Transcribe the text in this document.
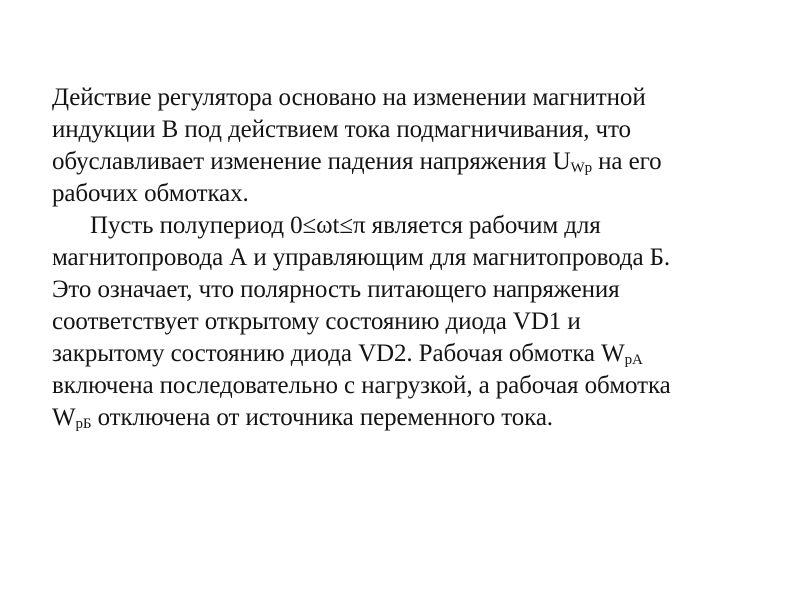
Действие регулятора основано на изменении магнитной
индукции В под действием тока подмагничивания, что
обуславливает изменение падения напряжения $U_{Wp}$ на его
рабочих обмотках.
Пусть полупериод 0≤ωt≤π является рабочим для
магнитопровода А и управляющим для магнитопровода Б.
Это означает, что полярность питающего напряжения
соответствует открытому состоянию диода VD1 и
закрытому состоянию диода VD2. Рабочая обмотка $W_{pA}$
включена последовательно с нагрузкой, а рабочая обмотка
$W_{pБ}$ отключена от источника переменного тока.
